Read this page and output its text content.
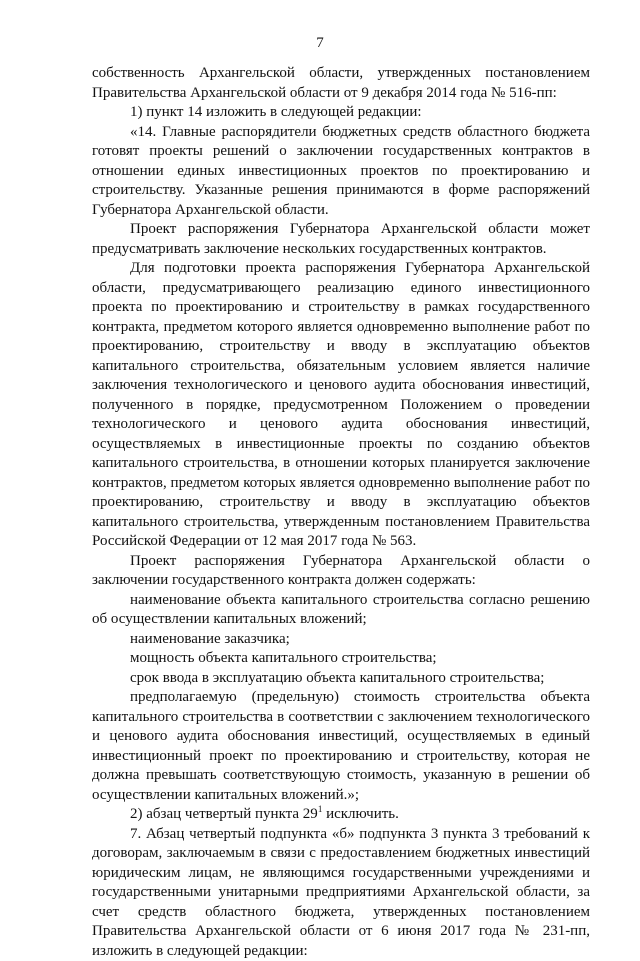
7

собственность Архангельской области, утвержденных постановлением Правительства Архангельской области от 9 декабря 2014 года № 516-пп:

1) пункт 14 изложить в следующей редакции:

«14. Главные распорядители бюджетных средств областного бюджета готовят проекты решений о заключении государственных контрактов в отношении единых инвестиционных проектов по проектированию и строительству. Указанные решения принимаются в форме распоряжений Губернатора Архангельской области.

Проект распоряжения Губернатора Архангельской области может предусматривать заключение нескольких государственных контрактов.

Для подготовки проекта распоряжения Губернатора Архангельской области, предусматривающего реализацию единого инвестиционного проекта по проектированию и строительству в рамках государственного контракта, предметом которого является одновременно выполнение работ по проектированию, строительству и вводу в эксплуатацию объектов капитального строительства, обязательным условием является наличие заключения технологического и ценового аудита обоснования инвестиций, полученного в порядке, предусмотренном Положением о проведении технологического и ценового аудита обоснования инвестиций, осуществляемых в инвестиционные проекты по созданию объектов капитального строительства, в отношении которых планируется заключение контрактов, предметом которых является одновременно выполнение работ по проектированию, строительству и вводу в эксплуатацию объектов капитального строительства, утвержденным постановлением Правительства Российской Федерации от 12 мая 2017 года № 563.

Проект распоряжения Губернатора Архангельской области о заключении государственного контракта должен содержать:

наименование объекта капитального строительства согласно решению об осуществлении капитальных вложений;

наименование заказчика;

мощность объекта капитального строительства;

срок ввода в эксплуатацию объекта капитального строительства;

предполагаемую (предельную) стоимость строительства объекта капитального строительства в соответствии с заключением технологического и ценового аудита обоснования инвестиций, осуществляемых в единый инвестиционный проект по проектированию и строительству, которая не должна превышать соответствующую стоимость, указанную в решении об осуществлении капитальных вложений.»;

2) абзац четвертый пункта $29^1$ исключить.

7. Абзац четвертый подпункта «б» подпункта 3 пункта 3 требований к договорам, заключаемым в связи с предоставлением бюджетных инвестиций юридическим лицам, не являющимся государственными учреждениями и государственными унитарными предприятиями Архангельской области, за счет средств областного бюджета, утвержденных постановлением Правительства Архангельской области от 6 июня 2017 года № 231-пп, изложить в следующей редакции:
